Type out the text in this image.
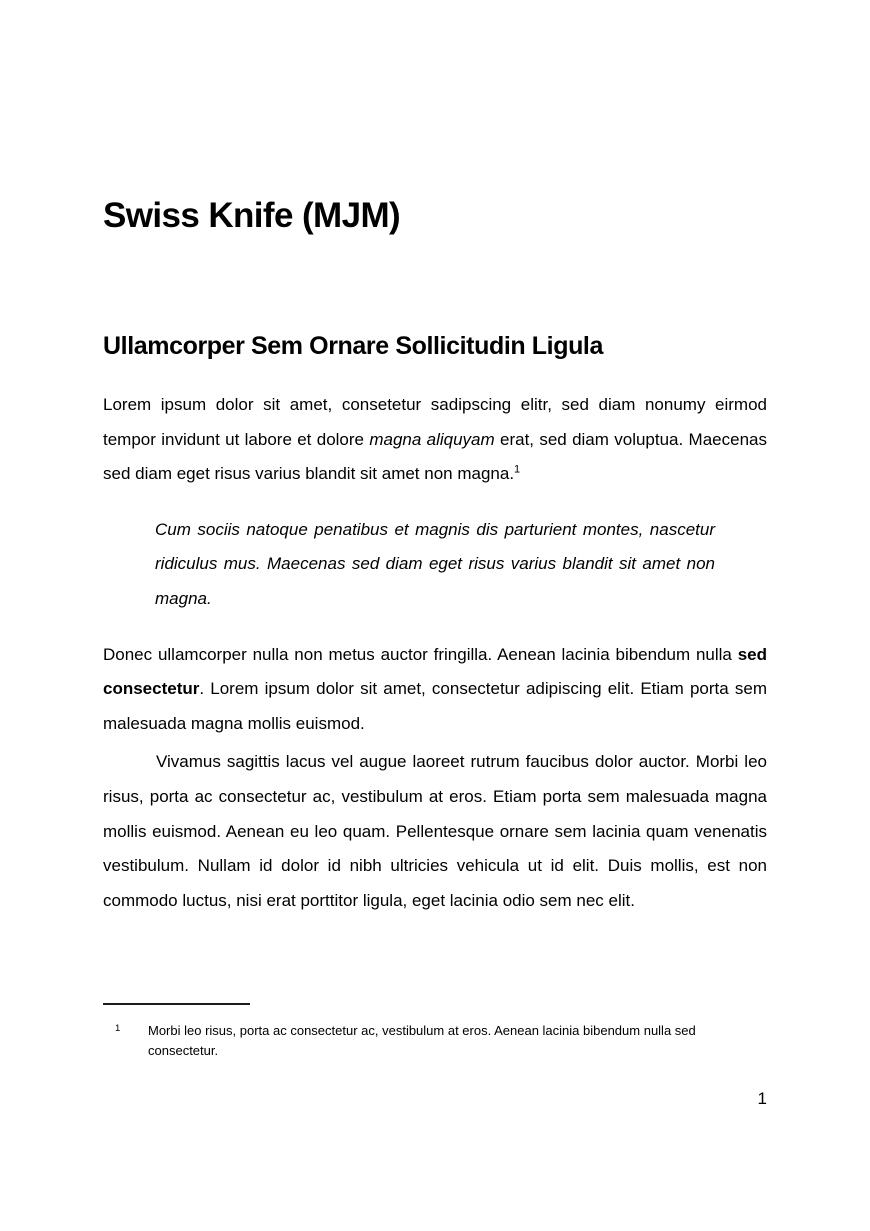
Swiss Knife (MJM)
Ullamcorper Sem Ornare Sollicitudin Ligula

Lorem ipsum dolor sit amet, consetetur sadipscing elitr, sed diam nonumy eirmod tempor invidunt ut labore et dolore magna aliquyam erat, sed diam voluptua. Maecenas sed diam eget risus varius blandit sit amet non magna.$^1$

Cum sociis natoque penatibus et magnis dis parturient montes, nascetur ridiculus mus. Maecenas sed diam eget risus varius blandit sit amet non magna.

Donec ullamcorper nulla non metus auctor fringilla. Aenean lacinia bibendum nulla sed consectetur. Lorem ipsum dolor sit amet, consectetur adipiscing elit. Etiam porta sem malesuada magna mollis euismod.

Vivamus sagittis lacus vel augue laoreet rutrum faucibus dolor auctor. Morbi leo risus, porta ac consectetur ac, vestibulum at eros. Etiam porta sem malesuada magna mollis euismod. Aenean eu leo quam. Pellentesque ornare sem lacinia quam venenatis vestibulum. Nullam id dolor id nibh ultricies vehicula ut id elit. Duis mollis, est non commodo luctus, nisi erat porttitor ligula, eget lacinia odio sem nec elit.

1	Morbi leo risus, porta ac consectetur ac, vestibulum at eros. Aenean lacinia bibendum nulla sed consectetur.
1
